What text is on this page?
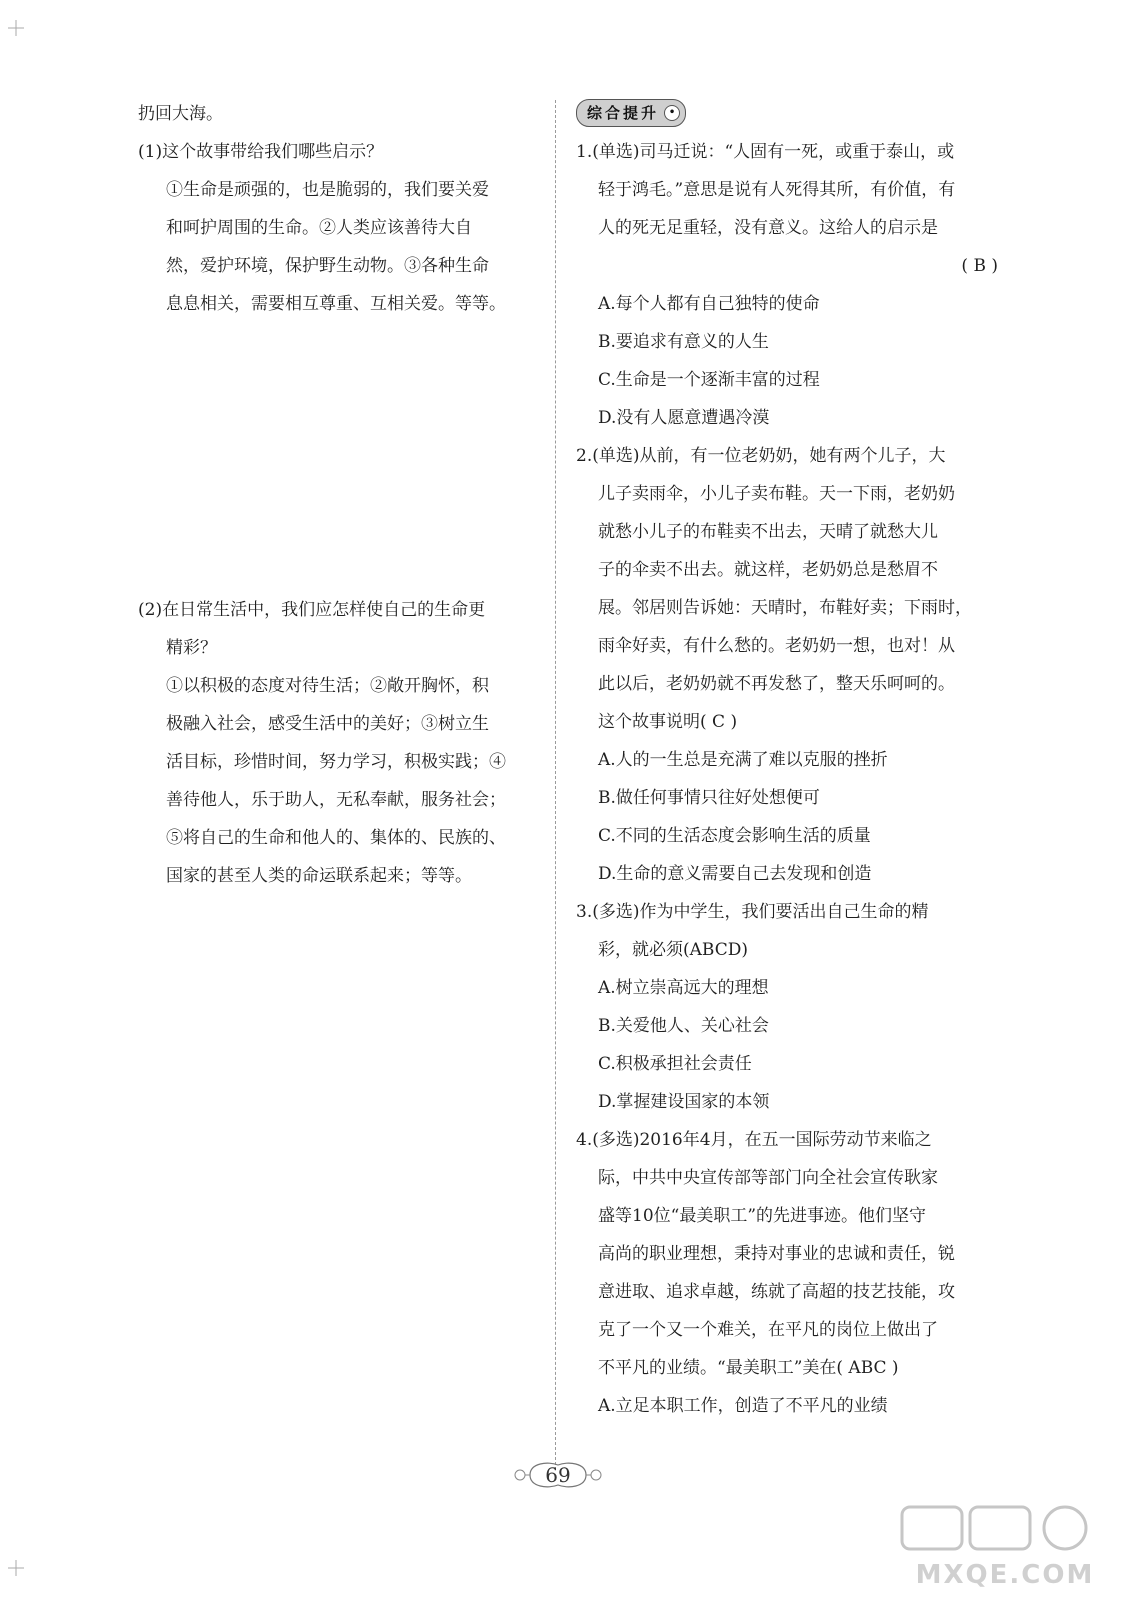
扔回大海。
(1)这个故事带给我们哪些启示？
①生命是顽强的，也是脆弱的，我们要关爱
和呵护周围的生命。②人类应该善待大自
然，爱护环境，保护野生动物。③各种生命
息息相关，需要相互尊重、互相关爱。等等。
(2)在日常生活中，我们应怎样使自己的生命更
精彩？
①以积极的态度对待生活；②敞开胸怀，积
极融入社会，感受生活中的美好；③树立生
活目标，珍惜时间，努力学习，积极实践；④
善待他人，乐于助人，无私奉献，服务社会；
⑤将自己的生命和他人的、集体的、民族的、
国家的甚至人类的命运联系起来；等等。
综合提升 •
1.(单选)司马迁说：“人固有一死，或重于泰山，或
轻于鸿毛。”意思是说有人死得其所，有价值，有
人的死无足重轻，没有意义。这给人的启示是
( B )
A.每个人都有自己独特的使命
B.要追求有意义的人生
C.生命是一个逐渐丰富的过程
D.没有人愿意遭遇冷漠
2.(单选)从前，有一位老奶奶，她有两个儿子，大
儿子卖雨伞，小儿子卖布鞋。天一下雨，老奶奶
就愁小儿子的布鞋卖不出去，天晴了就愁大儿
子的伞卖不出去。就这样，老奶奶总是愁眉不
展。邻居则告诉她：天晴时，布鞋好卖；下雨时，
雨伞好卖，有什么愁的。老奶奶一想，也对！从
此以后，老奶奶就不再发愁了，整天乐呵呵的。
这个故事说明( C )
A.人的一生总是充满了难以克服的挫折
B.做任何事情只往好处想便可
C.不同的生活态度会影响生活的质量
D.生命的意义需要自己去发现和创造
3.(多选)作为中学生，我们要活出自己生命的精
彩，就必须(ABCD)
A.树立崇高远大的理想
B.关爱他人、关心社会
C.积极承担社会责任
D.掌握建设国家的本领
4.(多选)2016年4月，在五一国际劳动节来临之
际，中共中央宣传部等部门向全社会宣传耿家
盛等10位“最美职工”的先进事迹。他们坚守
高尚的职业理想，秉持对事业的忠诚和责任，锐
意进取、追求卓越，练就了高超的技艺技能，攻
克了一个又一个难关，在平凡的岗位上做出了
不平凡的业绩。“最美职工”美在( ABC )
A.立足本职工作，创造了不平凡的业绩
69
MXQE.COM
